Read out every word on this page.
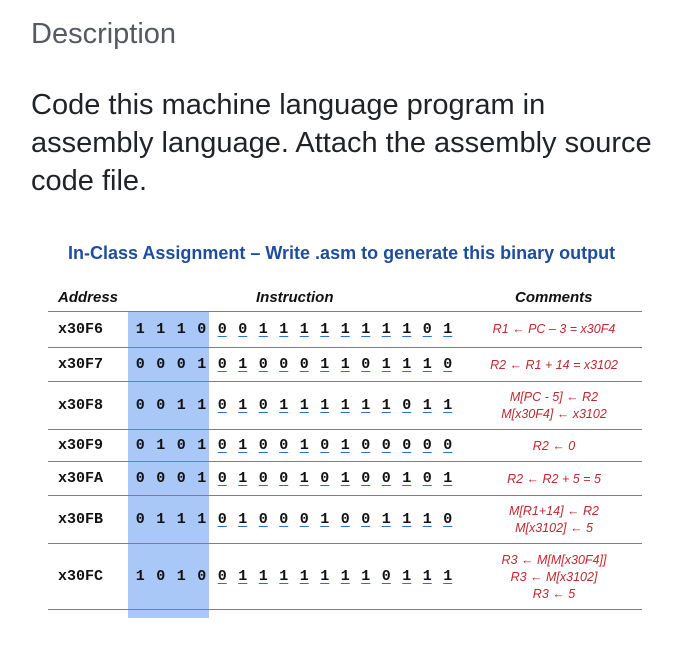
Description
Code this machine language program in assembly language. Attach the assembly source code file.
In-Class Assignment – Write .asm to generate this binary output
Address	Instruction	Comments
x30F6	1 1 1 0 0 0 1 1 1 1 1 1 1 1 0 1	R1 ← PC – 3 = x30F4
x30F7	0 0 0 1 0 1 0 0 0 1 1 0 1 1 1 0	R2 ← R1 + 14 = x3102
x30F8	0 0 1 1 0 1 0 1 1 1 1 1 1 0 1 1	M[PC - 5] ← R2
M[x30F4] ← x3102
x30F9	0 1 0 1 0 1 0 0 1 0 1 0 0 0 0 0	R2 ← 0
x30FA	0 0 0 1 0 1 0 0 1 0 1 0 0 1 0 1	R2 ← R2 + 5 = 5
x30FB	0 1 1 1 0 1 0 0 0 1 0 0 1 1 1 0	M[R1+14] ← R2
M[x3102] ← 5
x30FC	1 0 1 0 0 1 1 1 1 1 1 1 0 1 1 1
R3 ← M[M[x30F4]]
R3 ← M[x3102]
R3 ← 5
